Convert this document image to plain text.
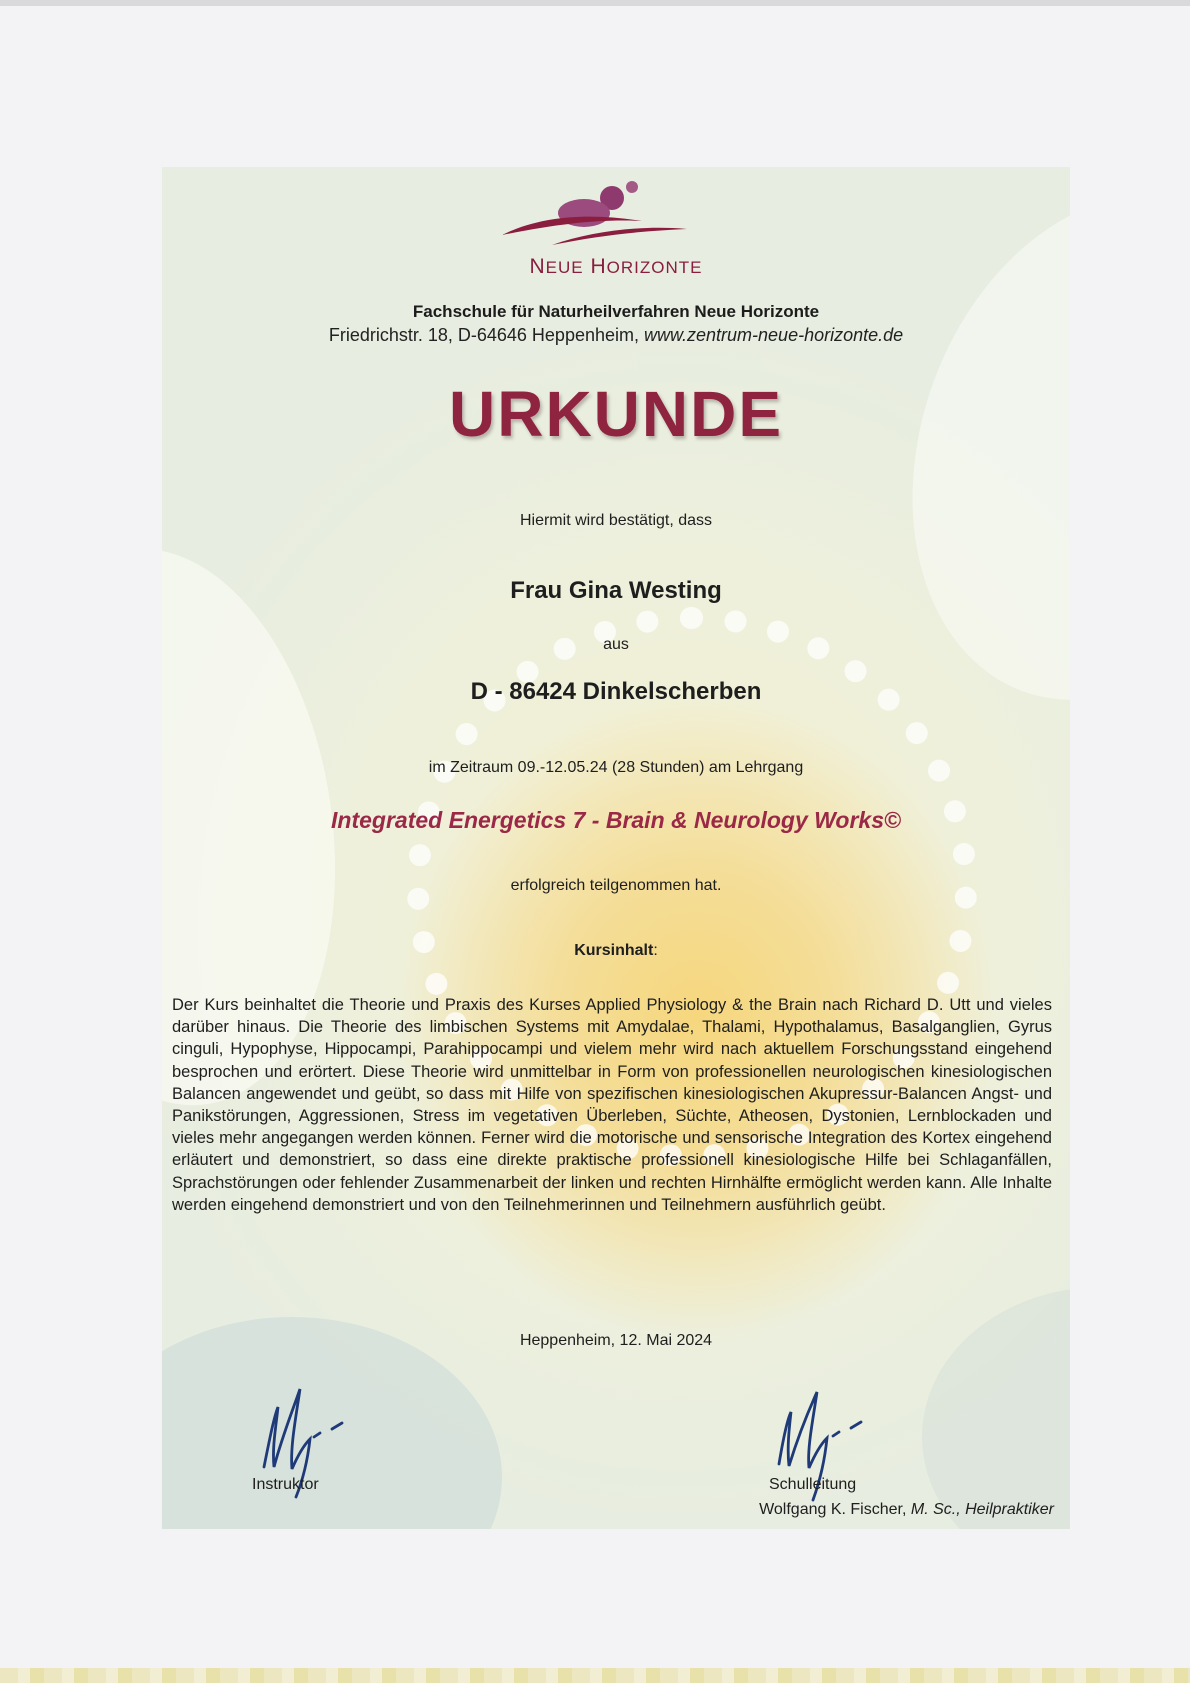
NEUE HORIZONTE
Fachschule für Naturheilverfahren Neue Horizonte
Friedrichstr. 18, D-64646 Heppenheim, www.zentrum-neue-horizonte.de
URKUNDE
Hiermit wird bestätigt, dass
Frau Gina Westing
aus
D - 86424 Dinkelscherben
im Zeitraum 09.-12.05.24 (28 Stunden) am Lehrgang
Integrated Energetics 7 - Brain & Neurology Works©
erfolgreich teilgenommen hat.
Kursinhalt:
Der Kurs beinhaltet die Theorie und Praxis des Kurses Applied Physiology & the Brain nach Richard D. Utt und vieles darüber hinaus. Die Theorie des limbischen Systems mit Amydalae, Thalami, Hypothalamus, Basalganglien, Gyrus cinguli, Hypophyse, Hippocampi, Parahippocampi und vielem mehr wird nach aktuellem Forschungsstand eingehend besprochen und erörtert. Diese Theorie wird unmittelbar in Form von professionellen neurologischen kinesiologischen Balancen angewendet und geübt, so dass mit Hilfe von spezifischen kinesiologischen Akupressur-Balancen Angst- und Panikstörungen, Aggressionen, Stress im vegetativen Überleben, Süchte, Atheosen, Dystonien, Lernblockaden und vieles mehr angegangen werden können. Ferner wird die motorische und sensorische Integration des Kortex eingehend erläutert und demonstriert, so dass eine direkte praktische professionell kinesiologische Hilfe bei Schlaganfällen, Sprachstörungen oder fehlender Zusammenarbeit der linken und rechten Hirnhälfte ermöglicht werden kann. Alle Inhalte werden eingehend demonstriert und von den Teilnehmerinnen und Teilnehmern ausführlich geübt.
Heppenheim, 12. Mai 2024
Instruktor	Schulleitung
Wolfgang K. Fischer, M. Sc., Heilpraktiker
